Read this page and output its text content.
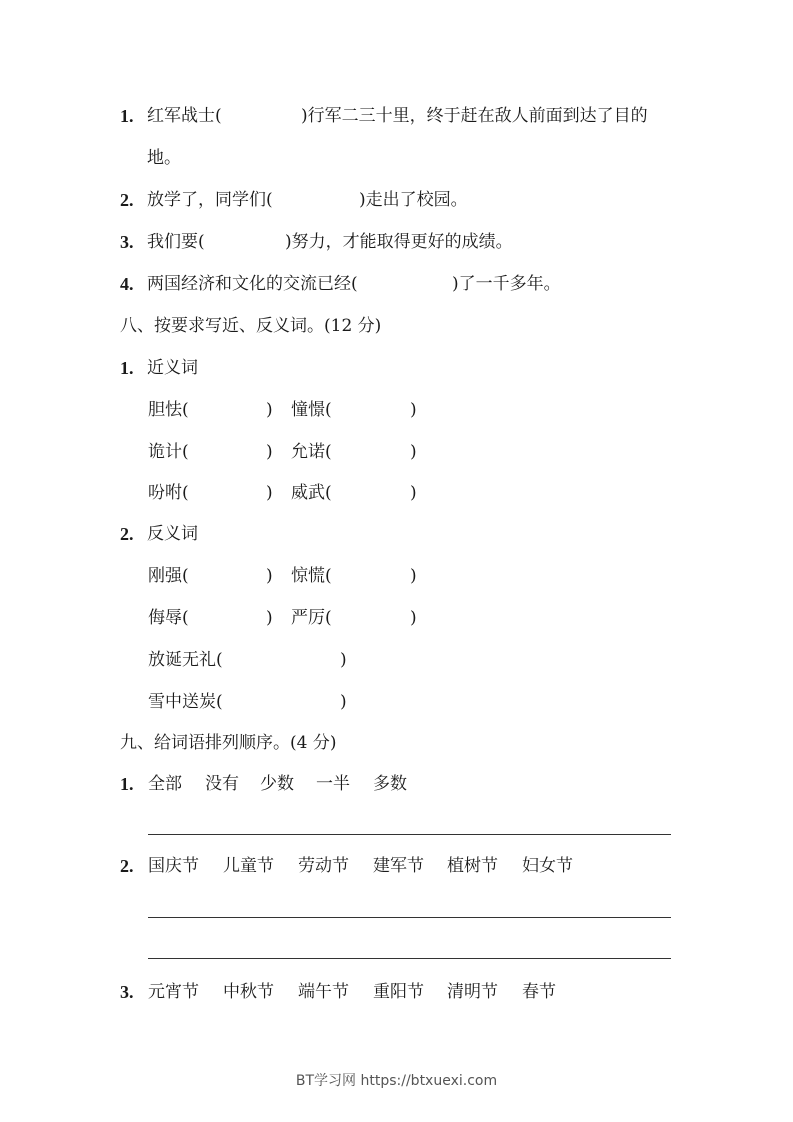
1. 红军战士(	)行军二三十里，终于赶在敌人前面到达了目的
地。
2. 放学了，同学们(	)走出了校园。
3. 我们要(	)努力，才能取得更好的成绩。
4. 两国经济和文化的交流已经(	)了一千多年。
八、按要求写近、反义词。(12 分)
1. 近义词
胆怯(	) 憧憬(	)
诡计(	) 允诺(	)
吩咐(	) 威武(	)
2. 反义词
刚强(	) 惊慌(	)
侮辱(	) 严厉(	)
放诞无礼(	)
雪中送炭(	)
九、给词语排列顺序。(4 分)
1. 全部 没有 少数 一半 多数
2. 国庆节 儿童节 劳动节 建军节 植树节 妇女节
3. 元宵节 中秋节 端午节 重阳节 清明节 春节
BT学习网 https://btxuexi.com
